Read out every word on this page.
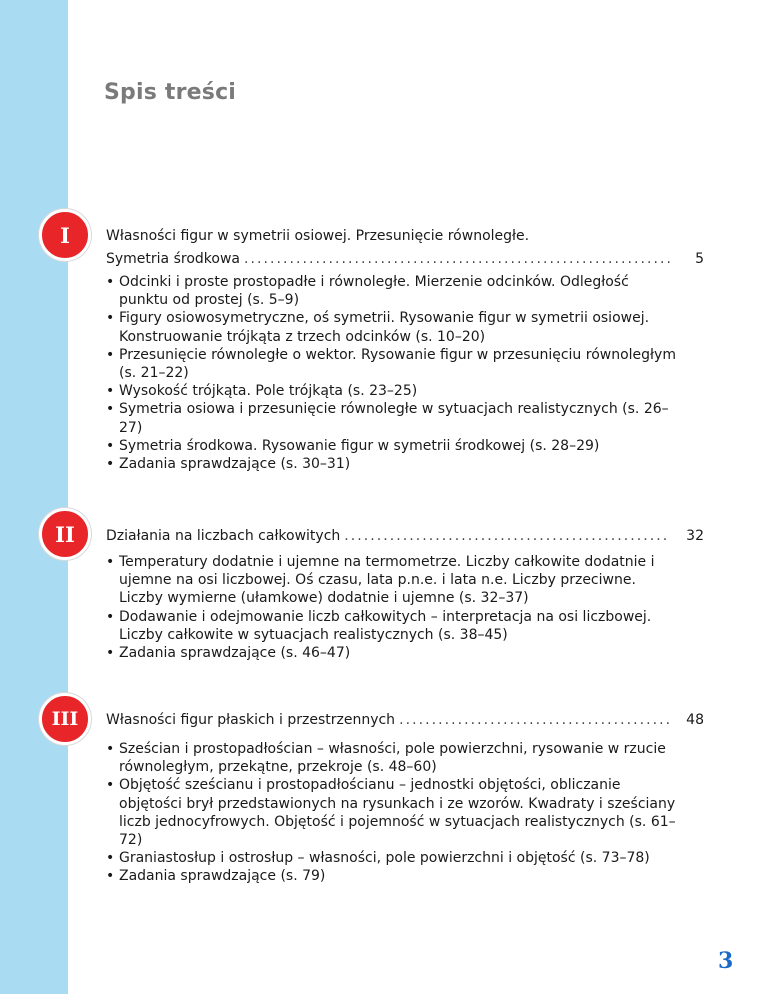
Spis treści
I	Własności figur w symetrii osiowej. Przesunięcie równoległe.
Symetria środkowa . . .	5
• Odcinki i proste prostopadłe i równoległe. Mierzenie odcinków. Odległość punktu od prostej (s. 5–9)
• Figury osiowosymetryczne, oś symetrii. Rysowanie figur w symetrii osiowej. Konstruowanie trójkąta z trzech odcinków (s. 10–20)
• Przesunięcie równoległe o wektor. Rysowanie figur w przesunięciu równoległym (s. 21–22)
• Wysokość trójkąta. Pole trójkąta (s. 23–25)
• Symetria osiowa i przesunięcie równoległe w sytuacjach realistycznych (s. 26–27)
• Symetria środkowa. Rysowanie figur w symetrii środkowej (s. 28–29)
• Zadania sprawdzające (s. 30–31)
II	Działania na liczbach całkowitych . . .	32
• Temperatury dodatnie i ujemne na termometrze. Liczby całkowite dodatnie i ujemne na osi liczbowej. Oś czasu, lata p.n.e. i lata n.e. Liczby przeciwne. Liczby wymierne (ułamkowe) dodatnie i ujemne (s. 32–37)
• Dodawanie i odejmowanie liczb całkowitych – interpretacja na osi liczbowej. Liczby całkowite w sytuacjach realistycznych (s. 38–45)
• Zadania sprawdzające (s. 46–47)
III	Własności figur płaskich i przestrzennych . . .	48
• Sześcian i prostopadłościan – własności, pole powierzchni, rysowanie w rzucie równoległym, przekątne, przekroje (s. 48–60)
• Objętość sześcianu i prostopadłościanu – jednostki objętości, obliczanie objętości brył przedstawionych na rysunkach i ze wzorów. Kwadraty i sześciany liczb jednocyfrowych. Objętość i pojemność w sytuacjach realistycznych (s. 61–72)
• Graniastosłup i ostrosłup – własności, pole powierzchni i objętość (s. 73–78)
• Zadania sprawdzające (s. 79)
3
